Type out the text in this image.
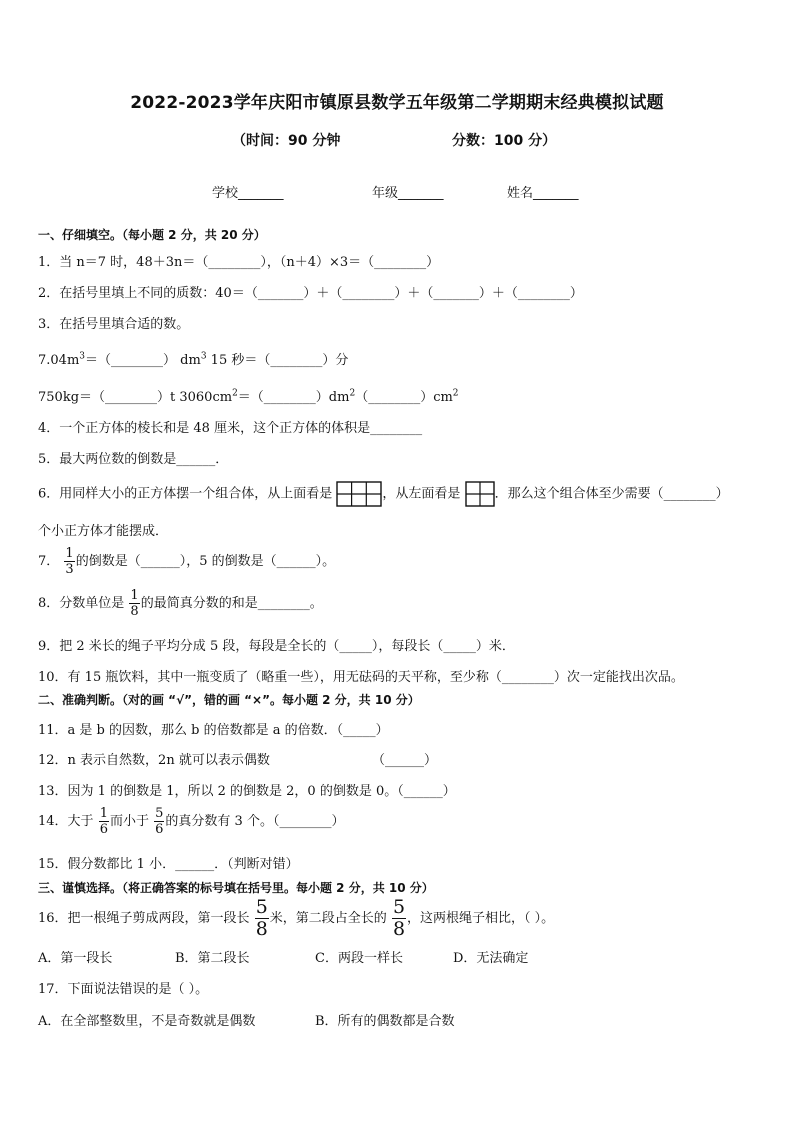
2022-2023学年庆阳市镇原县数学五年级第二学期期末经典模拟试题
（时间：90 分钟	分数：100 分）
学校_______	年级_______	姓名_______
一、仔细填空。（每小题 2 分，共 20 分）
1．当 n＝7 时，48＋3n＝（________），（n＋4）×3＝（________）
2．在括号里填上不同的质数：40＝（_______）＋（________）＋（_______）＋（________）
3．在括号里填合适的数。
$7.04m^3=(\_\_\_\_\_\_\_\_)$ $dm^3$ 15 秒＝（________）分
750kg＝（________）t $3060cm^2=(\_\_\_\_\_\_\_\_)dm^2(\_\_\_\_\_\_\_\_)cm^2$
4．一个正方体的棱长和是 48 厘米，这个正方体的体积是________
5．最大两位数的倒数是______．
6．用同样大小的正方体摆一个组合体，从上面看是	，从左面看是	．那么这个组合体至少需要（________）
个小正方体才能摆成．
7． $\frac{1}{3}$ 的倒数是（______），5 的倒数是（______）。
8．分数单位是 $\frac{1}{8}$ 的最简真分数的和是________。
9．把 2 米长的绳子平均分成 5 段，每段是全长的（_____），每段长（_____）米．
10．有 15 瓶饮料，其中一瓶变质了（略重一些），用无砝码的天平称，至少称（________）次一定能找出次品。
二、准确判断。（对的画 “√”，错的画 “×”。每小题 2 分，共 10 分）
11．a 是 b 的因数，那么 b 的倍数都是 a 的倍数．（_____）
12．n 表示自然数，2n 就可以表示偶数	（______）
13．因为 1 的倒数是 1，所以 2 的倒数是 2，0 的倒数是 0。（______）
14．大于 $\frac{1}{6}$ 而小于 $\frac{5}{6}$ 的真分数有 3 个。（________）
15．假分数都比 1 小．______．（判断对错）
三、谨慎选择。（将正确答案的标号填在括号里。每小题 2 分，共 10 分）
16．把一根绳子剪成两段，第一段长 $\frac{5}{8}$ 米，第二段占全长的 $\frac{5}{8}$ ，这两根绳子相比，（ ）。
A．第一段长	B．第二段长	C．两段一样长	D．无法确定
17．下面说法错误的是（ ）。
A．在全部整数里，不是奇数就是偶数	B．所有的偶数都是合数
